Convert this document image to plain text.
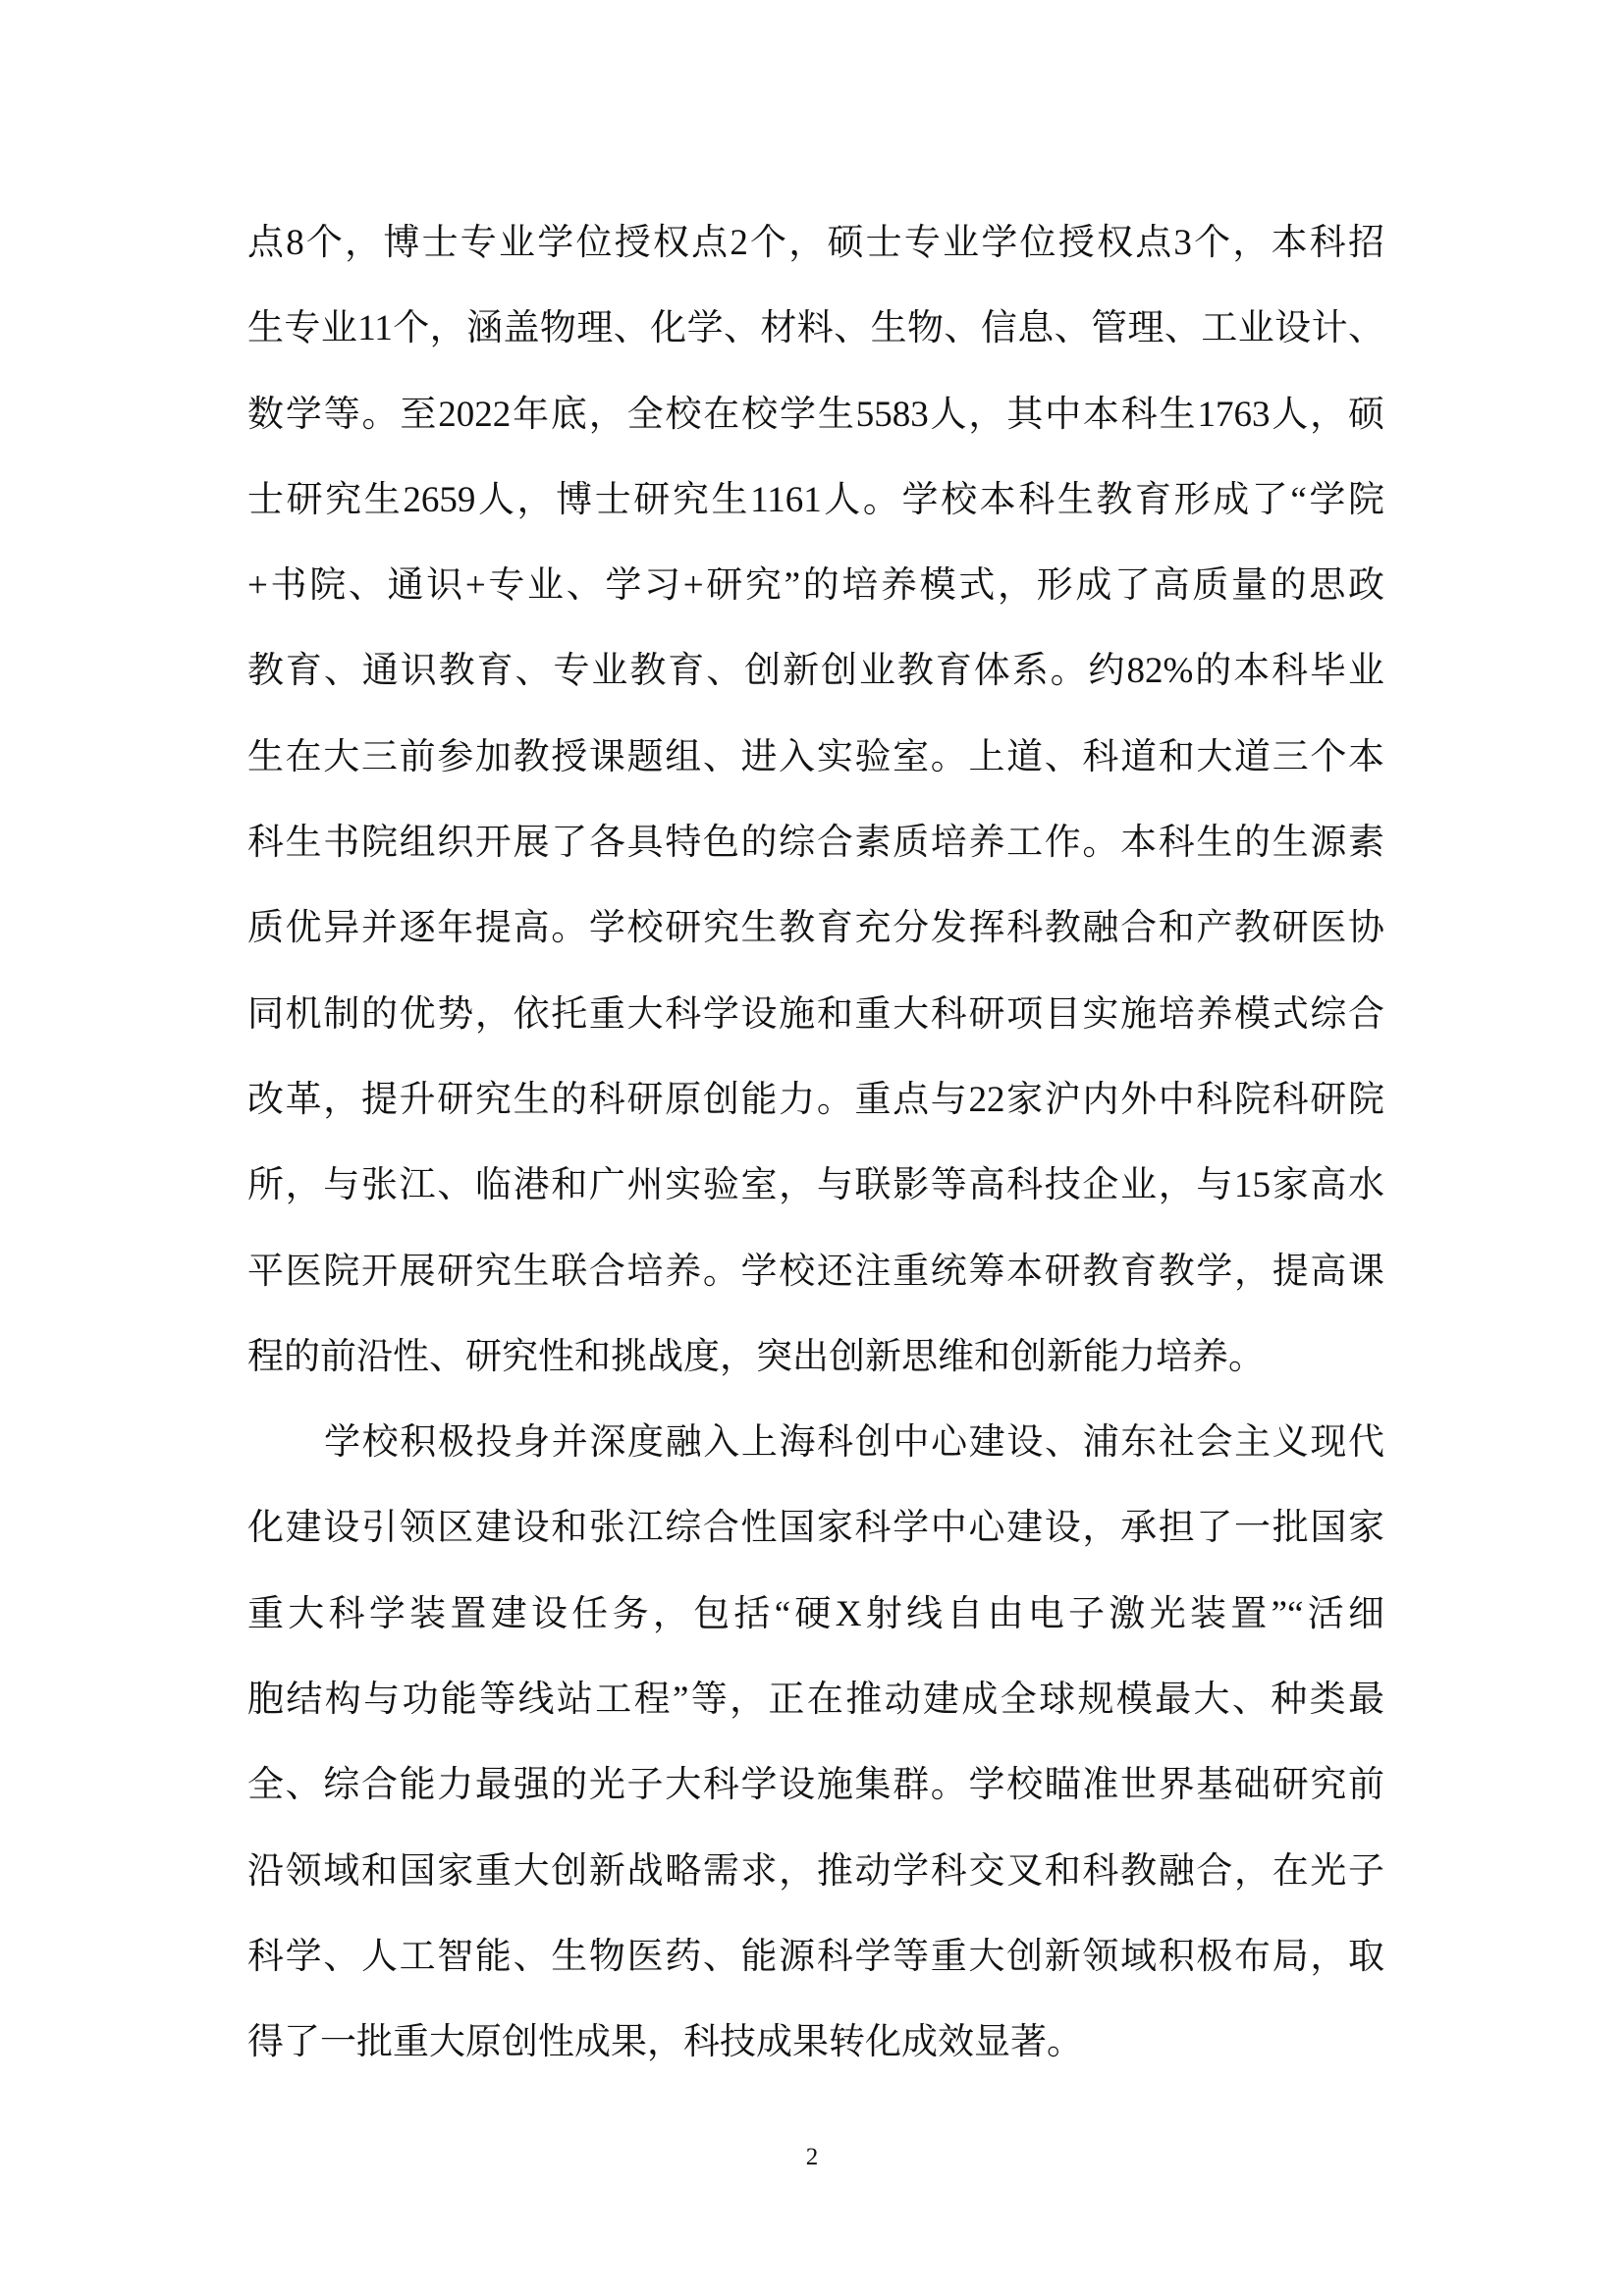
点8个，博士专业学位授权点2个，硕士专业学位授权点3个，本科招
生专业11个，涵盖物理、化学、材料、生物、信息、管理、工业设计、
数学等。至2022年底，全校在校学生5583人，其中本科生1763人，硕
士研究生2659人，博士研究生1161人。学校本科生教育形成了“学院
+书院、通识+专业、学习+研究”的培养模式，形成了高质量的思政
教育、通识教育、专业教育、创新创业教育体系。约82%的本科毕业
生在大三前参加教授课题组、进入实验室。上道、科道和大道三个本
科生书院组织开展了各具特色的综合素质培养工作。本科生的生源素
质优异并逐年提高。学校研究生教育充分发挥科教融合和产教研医协
同机制的优势，依托重大科学设施和重大科研项目实施培养模式综合
改革，提升研究生的科研原创能力。重点与22家沪内外中科院科研院
所，与张江、临港和广州实验室，与联影等高科技企业，与15家高水
平医院开展研究生联合培养。学校还注重统筹本研教育教学，提高课
程的前沿性、研究性和挑战度，突出创新思维和创新能力培养。
学校积极投身并深度融入上海科创中心建设、浦东社会主义现代
化建设引领区建设和张江综合性国家科学中心建设，承担了一批国家
重大科学装置建设任务，包括“硬X射线自由电子激光装置”“活细
胞结构与功能等线站工程”等，正在推动建成全球规模最大、种类最
全、综合能力最强的光子大科学设施集群。学校瞄准世界基础研究前
沿领域和国家重大创新战略需求，推动学科交叉和科教融合，在光子
科学、人工智能、生物医药、能源科学等重大创新领域积极布局，取
得了一批重大原创性成果，科技成果转化成效显著。
2
